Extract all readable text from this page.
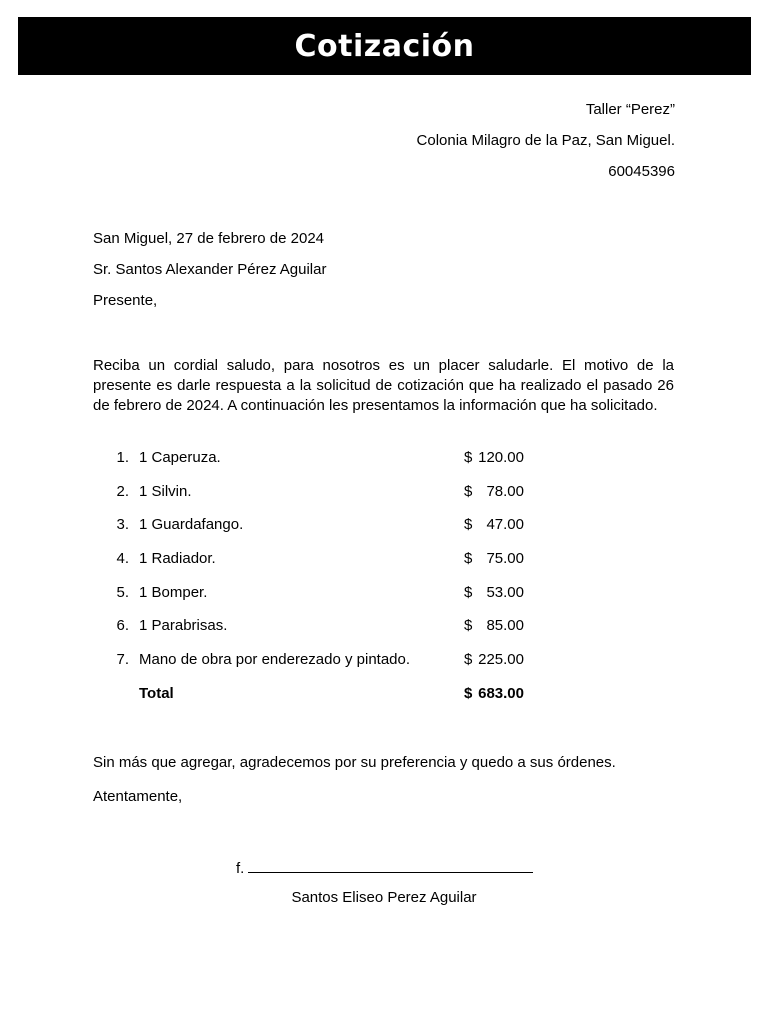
Cotización
Taller “Perez”
Colonia Milagro de la Paz, San Miguel.
60045396
San Miguel, 27 de febrero de 2024
Sr. Santos Alexander Pérez Aguilar
Presente,
Reciba un cordial saludo, para nosotros es un placer saludarle. El motivo de la presente es darle respuesta a la solicitud de cotización que ha realizado el pasado 26 de febrero de 2024. A continuación les presentamos la información que ha solicitado.
1. 1 Caperuza.	$ 120.00
2. 1 Silvin.	$ 78.00
3. 1 Guardafango.	$ 47.00
4. 1 Radiador.	$ 75.00
5. 1 Bomper.	$ 53.00
6. 1 Parabrisas.	$ 85.00
7. Mano de obra por enderezado y pintado.	$ 225.00
Total	$ 683.00
Sin más que agregar, agradecemos por su preferencia y quedo a sus órdenes.
Atentamente,
f.
Santos Eliseo Perez Aguilar
